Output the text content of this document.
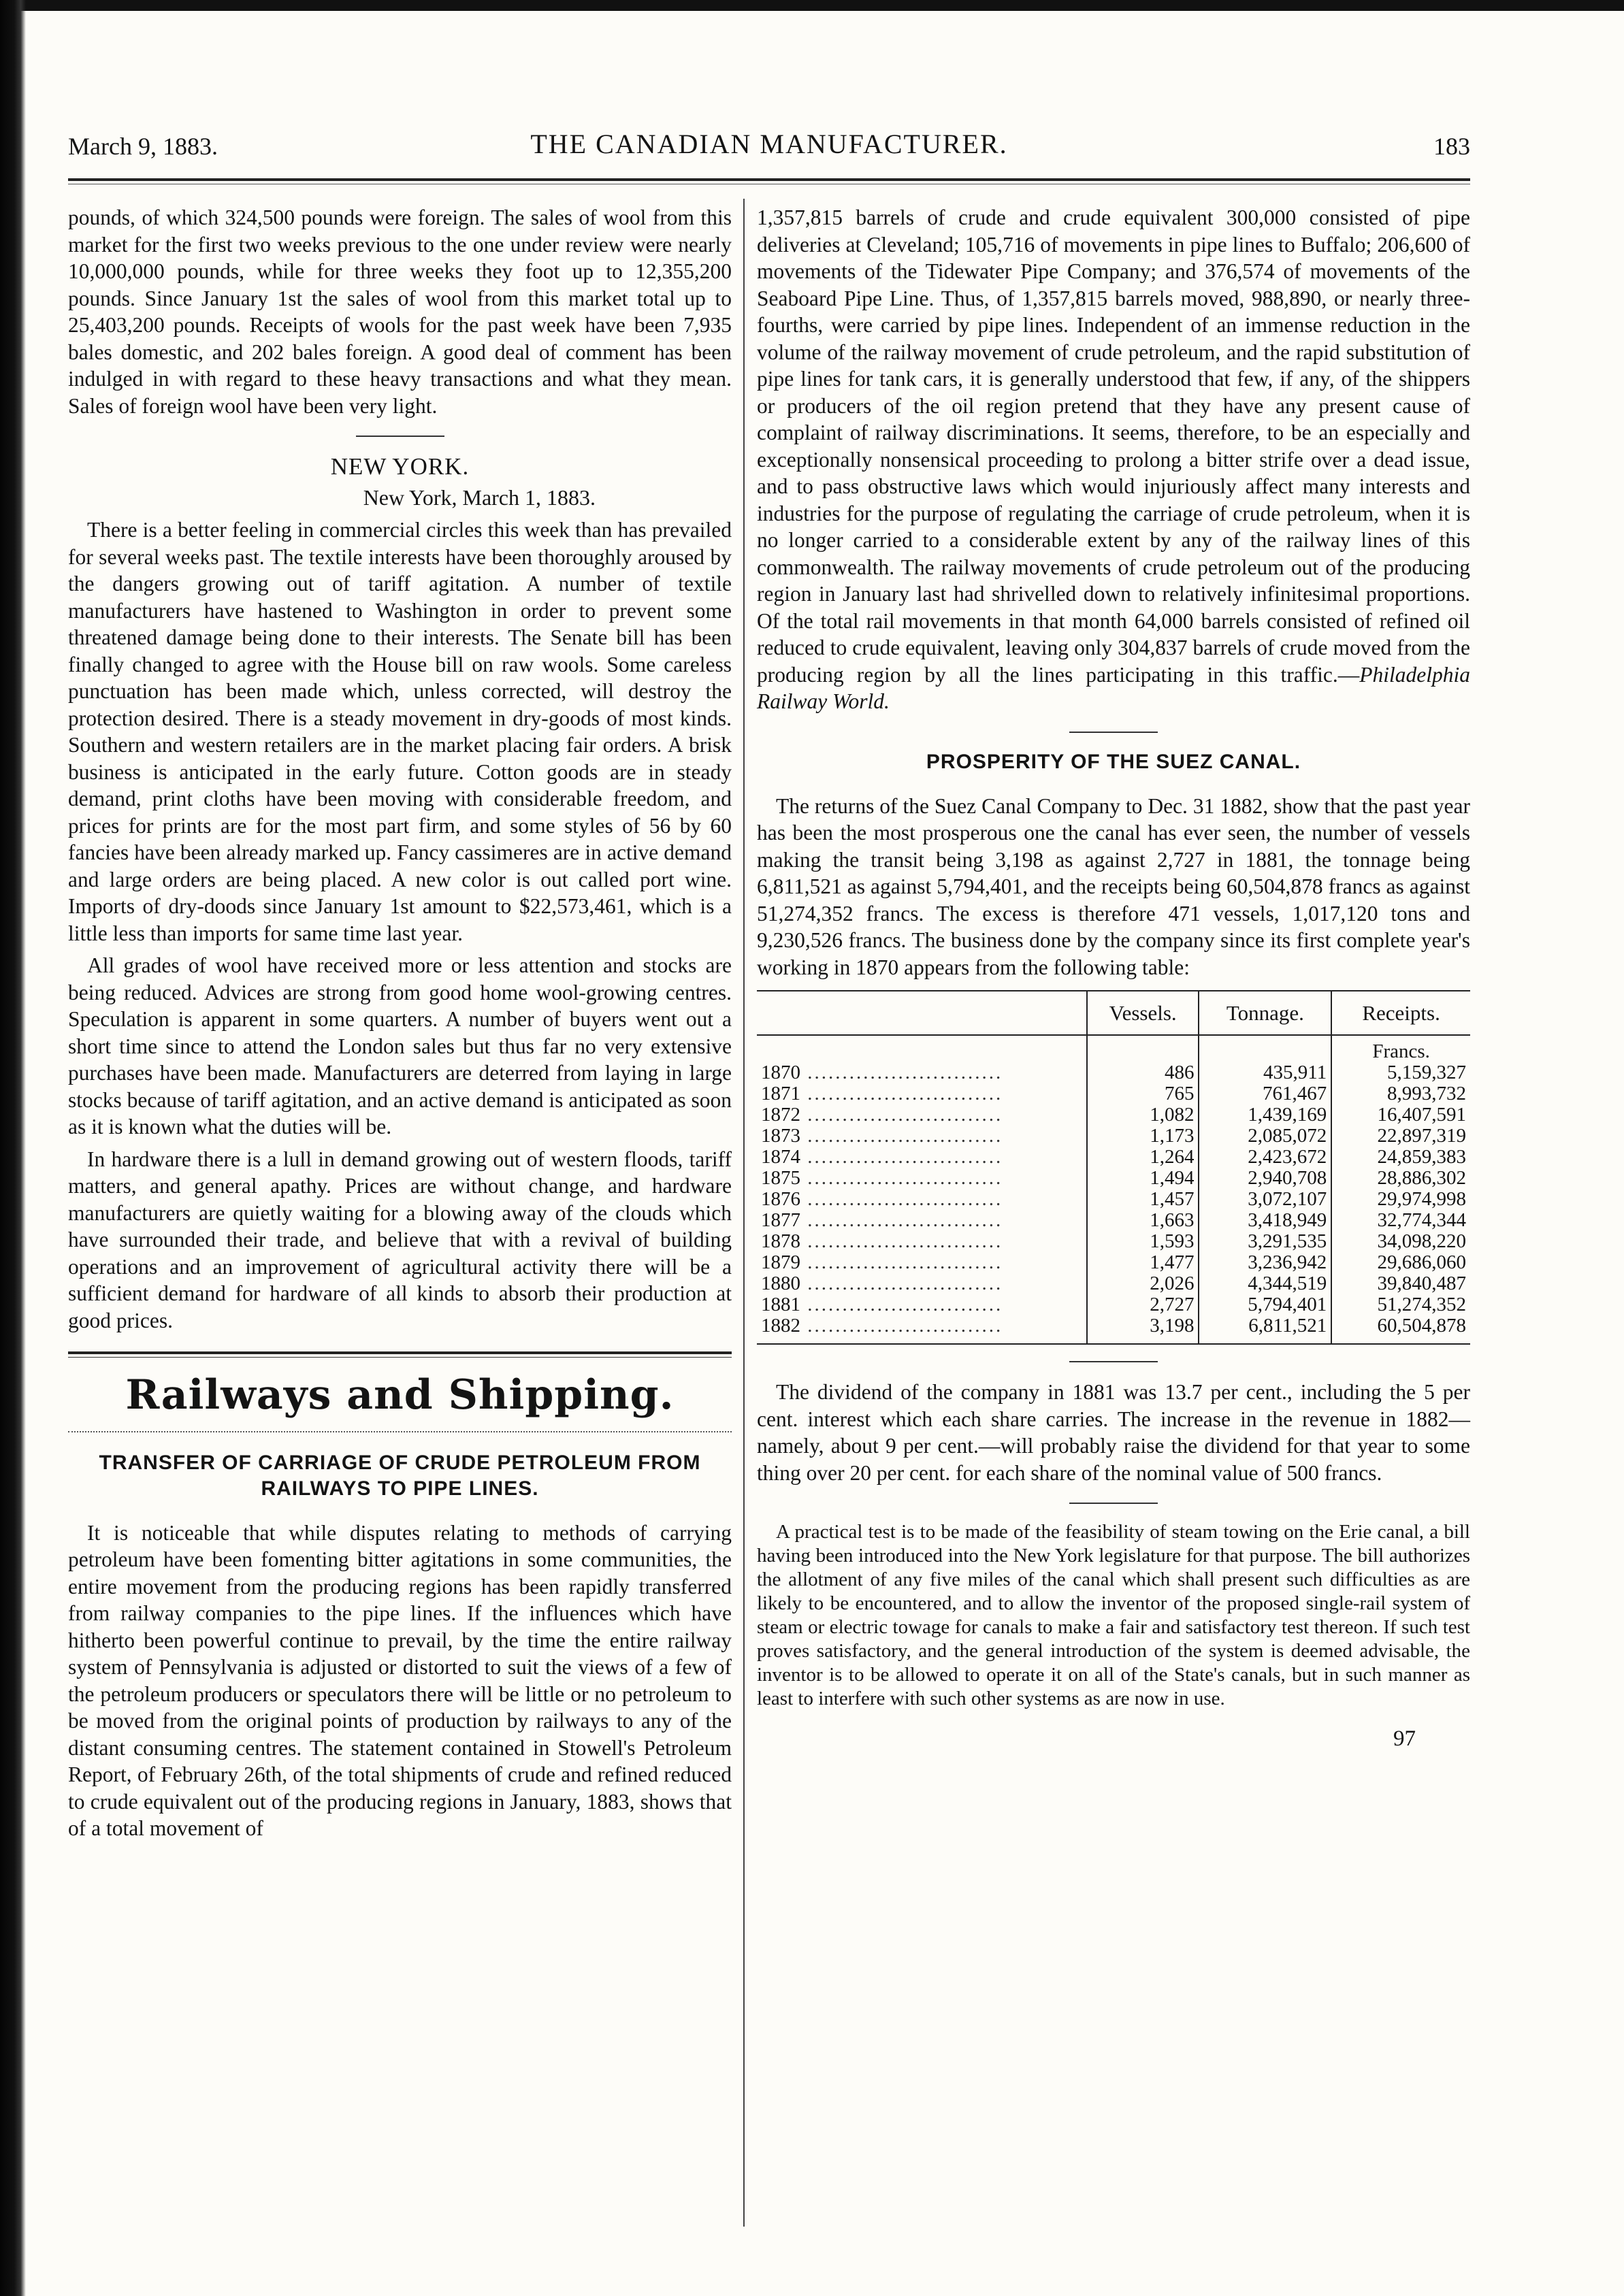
March 9, 1883.	THE CANADIAN MANUFACTURER.	183

pounds, of which 324,500 pounds were foreign. The sales of wool from this market for the first two weeks previous to the one under review were nearly 10,000,000 pounds, while for three weeks they foot up to 12,355,200 pounds. Since January 1st the sales of wool from this market total up to 25,403,200 pounds. Receipts of wools for the past week have been 7,935 bales domestic, and 202 bales foreign. A good deal of comment has been indulged in with regard to these heavy transactions and what they mean. Sales of foreign wool have been very light.

NEW YORK.
New York, March 1, 1883.

There is a better feeling in commercial circles this week than has prevailed for several weeks past. The textile interests have been thoroughly aroused by the dangers growing out of tariff agitation. A number of textile manufacturers have hastened to Washington in order to prevent some threatened damage being done to their interests. The Senate bill has been finally changed to agree with the House bill on raw wools. Some careless punctuation has been made which, unless corrected, will destroy the protection desired. There is a steady movement in dry-goods of most kinds. Southern and western retailers are in the market placing fair orders. A brisk business is anticipated in the early future. Cotton goods are in steady demand, print cloths have been moving with considerable freedom, and prices for prints are for the most part firm, and some styles of 56 by 60 fancies have been already marked up. Fancy cassimeres are in active demand and large orders are being placed. A new color is out called port wine. Imports of dry-doods since January 1st amount to $22,573,461, which is a little less than imports for same time last year.

All grades of wool have received more or less attention and stocks are being reduced. Advices are strong from good home wool-growing centres. Speculation is apparent in some quarters. A number of buyers went out a short time since to attend the London sales but thus far no very extensive purchases have been made. Manufacturers are deterred from laying in large stocks because of tariff agitation, and an active demand is anticipated as soon as it is known what the duties will be.

In hardware there is a lull in demand growing out of western floods, tariff matters, and general apathy. Prices are without change, and hardware manufacturers are quietly waiting for a blowing away of the clouds which have surrounded their trade, and believe that with a revival of building operations and an improvement of agricultural activity there will be a sufficient demand for hardware of all kinds to absorb their production at good prices.

Railways and Shipping.
TRANSFER OF CARRIAGE OF CRUDE PETROLEUM FROM RAILWAYS TO PIPE LINES.

It is noticeable that while disputes relating to methods of carrying petroleum have been fomenting bitter agitations in some communities, the entire movement from the producing regions has been rapidly transferred from railway companies to the pipe lines. If the influences which have hitherto been powerful continue to prevail, by the time the entire railway system of Pennsylvania is adjusted or distorted to suit the views of a few of the petroleum producers or speculators there will be little or no petroleum to be moved from the original points of production by railways to any of the distant consuming centres. The statement contained in Stowell's Petroleum Report, of February 26th, of the total shipments of crude and refined reduced to crude equivalent out of the producing regions in January, 1883, shows that of a total movement of

1,357,815 barrels of crude and crude equivalent 300,000 consisted of pipe deliveries at Cleveland; 105,716 of movements in pipe lines to Buffalo; 206,600 of movements of the Tidewater Pipe Company; and 376,574 of movements of the Seaboard Pipe Line. Thus, of 1,357,815 barrels moved, 988,890, or nearly three-fourths, were carried by pipe lines. Independent of an immense reduction in the volume of the railway movement of crude petroleum, and the rapid substitution of pipe lines for tank cars, it is generally understood that few, if any, of the shippers or producers of the oil region pretend that they have any present cause of complaint of railway discriminations. It seems, therefore, to be an especially and exceptionally nonsensical proceeding to prolong a bitter strife over a dead issue, and to pass obstructive laws which would injuriously affect many interests and industries for the purpose of regulating the carriage of crude petroleum, when it is no longer carried to a considerable extent by any of the railway lines of this commonwealth. The railway movements of crude petroleum out of the producing region in January last had shrivelled down to relatively infinitesimal proportions. Of the total rail movements in that month 64,000 barrels consisted of refined oil reduced to crude equivalent, leaving only 304,837 barrels of crude moved from the producing region by all the lines participating in this traffic.—Philadelphia Railway World.

PROSPERITY OF THE SUEZ CANAL.

The returns of the Suez Canal Company to Dec. 31 1882, show that the past year has been the most prosperous one the canal has ever seen, the number of vessels making the transit being 3,198 as against 2,727 in 1881, the tonnage being 6,811,521 as against 5,794,401, and the receipts being 60,504,878 francs as against 51,274,352 francs. The excess is therefore 471 vessels, 1,017,120 tons and 9,230,526 francs. The business done by the company since its first complete year's working in 1870 appears from the following table:

	Vessels.	Tonnage.	Receipts.
			Francs.
1870 ............................	486	435,911	5,159,327
1871 ............................	765	761,467	8,993,732
1872 ............................	1,082	1,439,169	16,407,591
1873 ............................	1,173	2,085,072	22,897,319
1874 ............................	1,264	2,423,672	24,859,383
1875 ............................	1,494	2,940,708	28,886,302
1876 ............................	1,457	3,072,107	29,974,998
1877 ............................	1,663	3,418,949	32,774,344
1878 ............................	1,593	3,291,535	34,098,220
1879 ............................	1,477	3,236,942	29,686,060
1880 ............................	2,026	4,344,519	39,840,487
1881 ............................	2,727	5,794,401	51,274,352
1882 ............................	3,198	6,811,521	60,504,878

The dividend of the company in 1881 was 13.7 per cent., including the 5 per cent. interest which each share carries. The increase in the revenue in 1882—namely, about 9 per cent.—will probably raise the dividend for that year to some thing over 20 per cent. for each share of the nominal value of 500 francs.

A practical test is to be made of the feasibility of steam towing on the Erie canal, a bill having been introduced into the New York legislature for that purpose. The bill authorizes the allotment of any five miles of the canal which shall present such difficulties as are likely to be encountered, and to allow the inventor of the proposed single-rail system of steam or electric towage for canals to make a fair and satisfactory test thereon. If such test proves satisfactory, and the general introduction of the system is deemed advisable, the inventor is to be allowed to operate it on all of the State's canals, but in such manner as least to interfere with such other systems as are now in use.

97
